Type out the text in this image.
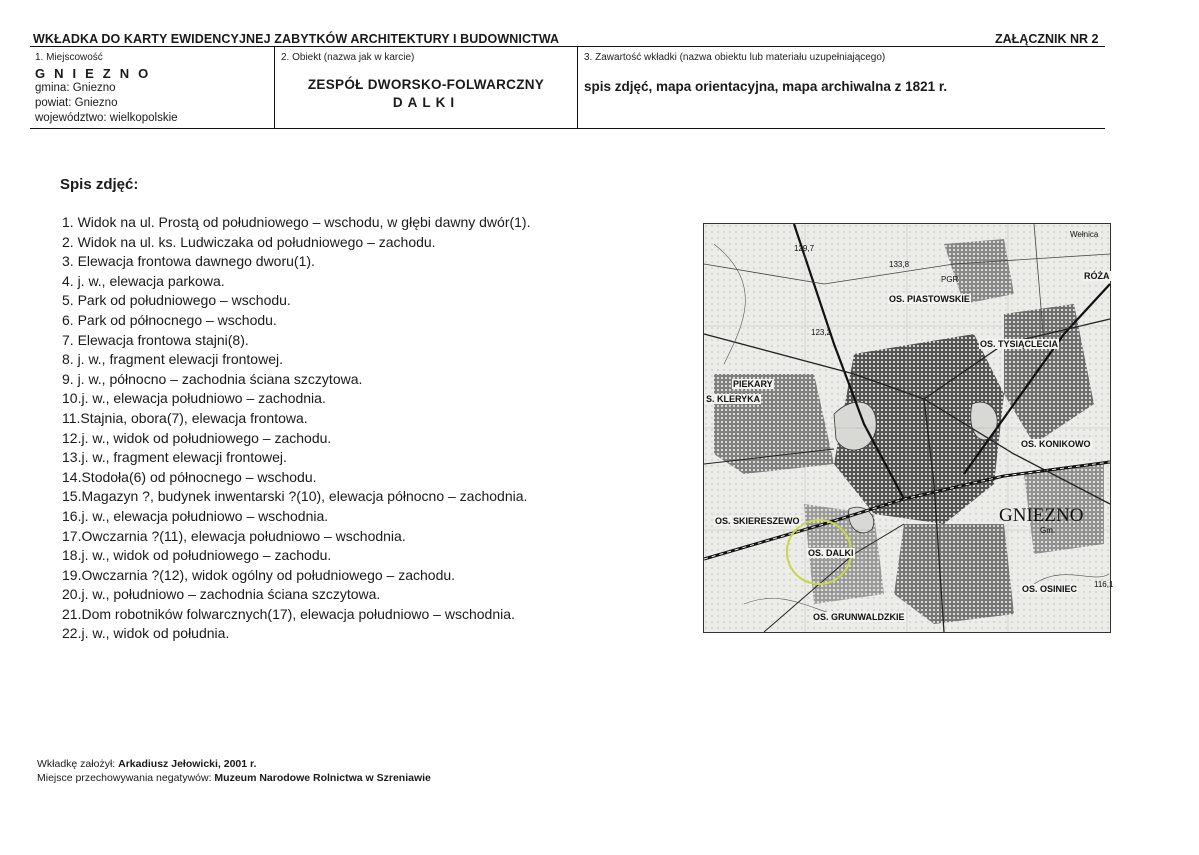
WKŁADKA DO KARTY EWIDENCYJNEJ ZABYTKÓW ARCHITEKTURY I BUDOWNICTWA	ZAŁĄCZNIK NR 2
1. Miejscowość
GNIEZNO
gmina: Gniezno
powiat: Gniezno
województwo: wielkopolskie
2. Obiekt (nazwa jak w karcie)
ZESPÓŁ DWORSKO-FOLWARCZNY
DALKI
3. Zawartość wkładki (nazwa obiektu lub materiału uzupełniającego)
spis zdjęć, mapa orientacyjna, mapa archiwalna z 1821 r.
Spis zdjęć:
1. Widok na ul. Prostą od południowego – wschodu, w głębi dawny dwór(1).
2. Widok na ul. ks. Ludwiczaka od południowego – zachodu.
3. Elewacja frontowa dawnego dworu(1).
4. j. w., elewacja parkowa.
5. Park od południowego – wschodu.
6. Park od północnego – wschodu.
7. Elewacja frontowa stajni(8).
8. j. w., fragment elewacji frontowej.
9. j. w., północno – zachodnia ściana szczytowa.
10.j. w., elewacja południowo – zachodnia.
11.Stajnia, obora(7), elewacja frontowa.
12.j. w., widok od południowego – zachodu.
13.j. w., fragment elewacji frontowej.
14.Stodoła(6) od północnego – wschodu.
15.Magazyn ?, budynek inwentarski ?(10), elewacja północno – zachodnia.
16.j. w., elewacja południowo – wschodnia.
17.Owczarnia ?(11), elewacja południowo – wschodnia.
18.j. w., widok od południowego – zachodu.
19.Owczarnia ?(12), widok ogólny od południowego – zachodu.
20.j. w., południowo – zachodnia ściana szczytowa.
21.Dom robotników folwarcznych(17), elewacja południowo – wschodnia.
22.j. w., widok od południa.
133,8
129,7
123,2
116,1
Wełnica
PGR
OS. PIASTOWSKIE
RÓŻA
OS. TYSIĄCLECIA
PIEKARY
S. KLERYKA
OS. KONIKOWO
OS. SKIERESZEWO	GNIEZNO
Gm.
OS. DALKI
OS. OSINIEC
OS. GRUNWALDZKIE
Wkładkę założył: Arkadiusz Jełowicki, 2001 r.
Miejsce przechowywania negatywów: Muzeum Narodowe Rolnictwa w Szreniawie
